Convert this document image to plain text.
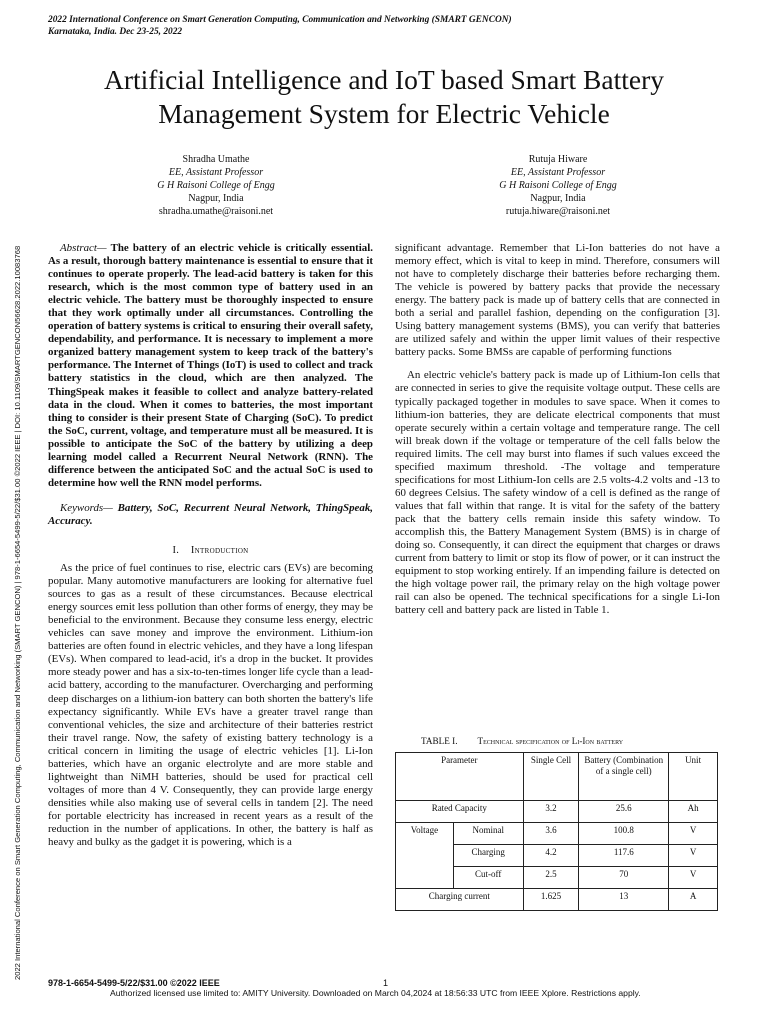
2022 International Conference on Smart Generation Computing, Communication and Networking (SMART GENCON)
Karnataka, India. Dec 23-25, 2022
2022 International Conference on Smart Generation Computing, Communication and Networking (SMART GENCON) | 978-1-6654-5499-5/22/$31.00 ©2022 IEEE | DOI: 10.1109/SMARTGENCON56628.2022.10083768
Artificial Intelligence and IoT based Smart Battery
Management System for Electric Vehicle
Shradha Umathe
EE, Assistant Professor
G H Raisoni College of Engg
Nagpur, India
shradha.umathe@raisoni.net
Rutuja Hiware
EE, Assistant Professor
G H Raisoni College of Engg
Nagpur, India
rutuja.hiware@raisoni.net

Abstract— The battery of an electric vehicle is critically essential. As a result, thorough battery maintenance is essential to ensure that it continues to operate properly. The lead-acid battery is taken for this research, which is the most common type of battery used in an electric vehicle. The battery must be thoroughly inspected to ensure that they work optimally under all circumstances. Controlling the operation of battery systems is critical to ensuring their overall safety, dependability, and performance. It is necessary to implement a more organized battery management system to keep track of the battery's performance. The Internet of Things (IoT) is used to collect and track battery statistics in the cloud, which are then analyzed. The ThingSpeak makes it feasible to collect and analyze battery-related data in the cloud. When it comes to batteries, the most important thing to consider is their present State of Charging (SoC). To predict the SoC, current, voltage, and temperature must all be measured. It is possible to anticipate the SoC of the battery by utilizing a deep learning model called a Recurrent Neural Network (RNN). The difference between the anticipated SoC and the actual SoC is used to determine how well the RNN model performs.

Keywords— Battery, SoC, Recurrent Neural Network, ThingSpeak, Accuracy.

I. Introduction

As the price of fuel continues to rise, electric cars (EVs) are becoming popular. Many automotive manufacturers are looking for alternative fuel sources to gas as a result of these circumstances. Because electrical energy sources emit less pollution than other forms of energy, they may be beneficial to the environment. Because they consume less energy, electric vehicles can save money and improve the environment. Lithium-ion batteries are often found in electric vehicles, and they have a long lifespan (EVs). When compared to lead-acid, it's a drop in the bucket. It provides more steady power and has a six-to-ten-times longer life cycle than a lead-acid battery, according to the manufacturer. Overcharging and performing deep discharges on a lithium-ion battery can both shorten the battery's life expectancy significantly. While EVs have a greater travel range than conventional vehicles, the size and architecture of their batteries restrict their travel range. Now, the safety of existing battery technology is a critical concern in limiting the usage of electric vehicles [1]. Li-Ion batteries, which have an organic electrolyte and are more stable and lightweight than NiMH batteries, should be used for practical cell voltages of more than 4 V. Consequently, they can provide large energy densities while also making use of several cells in tandem [2]. The need for portable electricity has increased in recent years as a result of the reduction in the number of applications. In other, the battery is half as heavy and bulky as the gadget it is powering, which is a

significant advantage. Remember that Li-Ion batteries do not have a memory effect, which is vital to keep in mind. Therefore, consumers will not have to completely discharge their batteries before recharging them. The vehicle is powered by battery packs that provide the necessary energy. The battery pack is made up of battery cells that are connected in both a serial and parallel fashion, depending on the configuration [3]. Using battery management systems (BMS), you can verify that batteries are utilized safely and within the upper limit values of their respective battery packs. Some BMSs are capable of performing functions

An electric vehicle's battery pack is made up of Lithium-Ion cells that are connected in series to give the requisite voltage output. These cells are typically packaged together in modules to save space. When it comes to lithium-ion batteries, they are delicate electrical components that must operate securely within a certain voltage and temperature range. The cell will break down if the voltage or temperature of the cell falls below the required limits. The cell may burst into flames if such values exceed the specified maximum threshold. -The voltage and temperature specifications for most Lithium-Ion cells are 2.5 volts-4.2 volts and -13 to 60 degrees Celsius. The safety window of a cell is defined as the range of values that fall within that range. It is vital for the safety of the battery pack that the battery cells remain inside this safety window. To accomplish this, the Battery Management System (BMS) is in charge of doing so. Consequently, it can direct the equipment that charges or draws current from battery to limit or stop its flow of power, or it can instruct the equipment to stop working entirely. If an impending failure is detected on the high voltage power rail, the primary relay on the high voltage power rail can also be opened. The technical specifications for a single Li-Ion battery cell and battery pack are listed in Table 1.

TABLE I. Technical specification of Li-Ion battery
Parameter		Single Cell	Battery (Combination of a single cell)	Unit
Rated Capacity		3.2	25.6	Ah
Voltage	Nominal	3.6	100.8	V
	Charging	4.2	117.6	V
	Cut-off	2.5	70	V
Charging current		1.625	13	A
978-1-6654-5499-5/22/$31.00 ©2022 IEEE	1
Authorized licensed use limited to: AMITY University. Downloaded on March 04,2024 at 18:56:33 UTC from IEEE Xplore. Restrictions apply.
